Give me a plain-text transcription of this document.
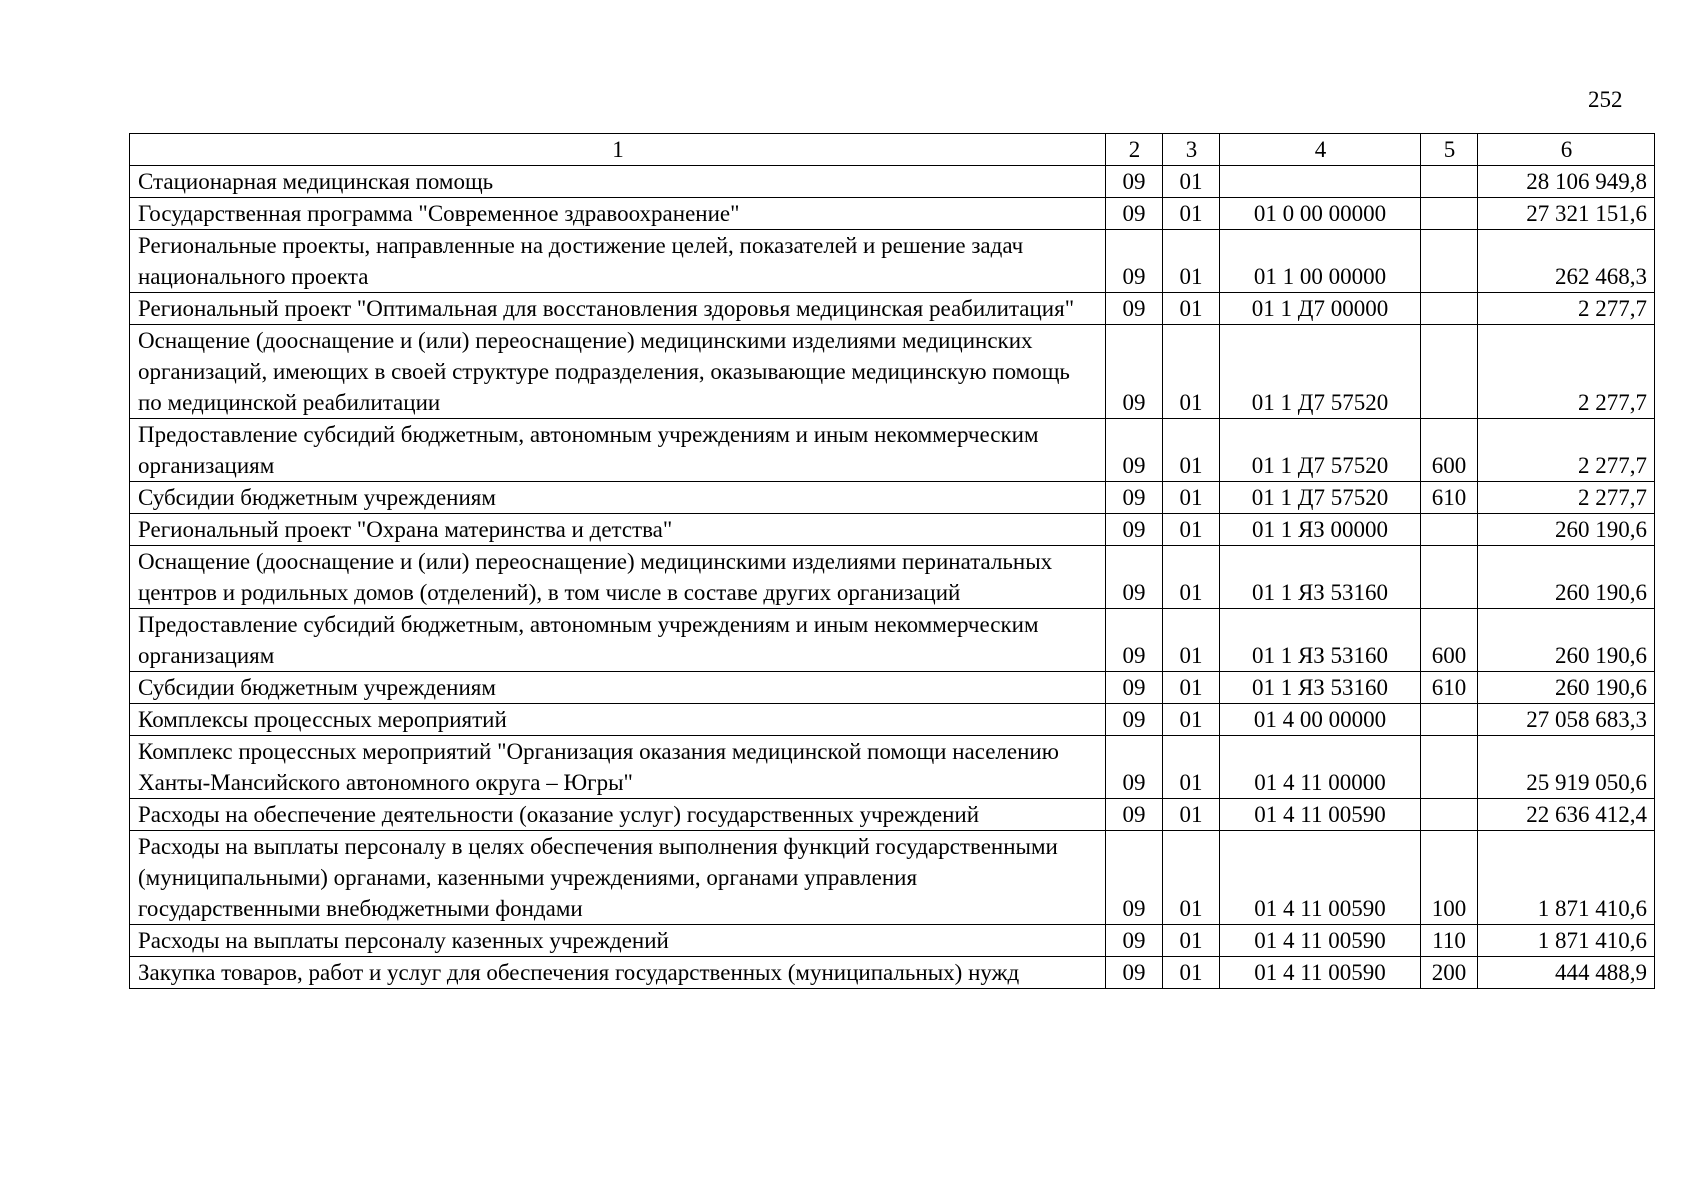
252
1	2	3	4	5	6
Стационарная медицинская помощь	09	01			28 106 949,8
Государственная программа "Современное здравоохранение"	09	01	01 0 00 00000		27 321 151,6
Региональные проекты, направленные на достижение целей, показателей и решение задач национального проекта	09	01	01 1 00 00000		262 468,3
Региональный проект "Оптимальная для восстановления здоровья медицинская реабилитация"	09	01	01 1 Д7 00000		2 277,7
Оснащение (дооснащение и (или) переоснащение) медицинскими изделиями медицинских организаций, имеющих в своей структуре подразделения, оказывающие медицинскую помощь по медицинской реабилитации	09	01	01 1 Д7 57520		2 277,7
Предоставление субсидий бюджетным, автономным учреждениям и иным некоммерческим организациям	09	01	01 1 Д7 57520	600	2 277,7
Субсидии бюджетным учреждениям	09	01	01 1 Д7 57520	610	2 277,7
Региональный проект "Охрана материнства и детства"	09	01	01 1 ЯЗ 00000		260 190,6
Оснащение (дооснащение и (или) переоснащение) медицинскими изделиями перинатальных центров и родильных домов (отделений), в том числе в составе других организаций	09	01	01 1 ЯЗ 53160		260 190,6
Предоставление субсидий бюджетным, автономным учреждениям и иным некоммерческим организациям	09	01	01 1 ЯЗ 53160	600	260 190,6
Субсидии бюджетным учреждениям	09	01	01 1 ЯЗ 53160	610	260 190,6
Комплексы процессных мероприятий	09	01	01 4 00 00000		27 058 683,3
Комплекс процессных мероприятий "Организация оказания медицинской помощи населению Ханты-Мансийского автономного округа – Югры"	09	01	01 4 11 00000		25 919 050,6
Расходы на обеспечение деятельности (оказание услуг) государственных учреждений	09	01	01 4 11 00590		22 636 412,4
Расходы на выплаты персоналу в целях обеспечения выполнения функций государственными (муниципальными) органами, казенными учреждениями, органами управления государственными внебюджетными фондами	09	01	01 4 11 00590	100	1 871 410,6
Расходы на выплаты персоналу казенных учреждений	09	01	01 4 11 00590	110	1 871 410,6
Закупка товаров, работ и услуг для обеспечения государственных (муниципальных) нужд	09	01	01 4 11 00590	200	444 488,9
